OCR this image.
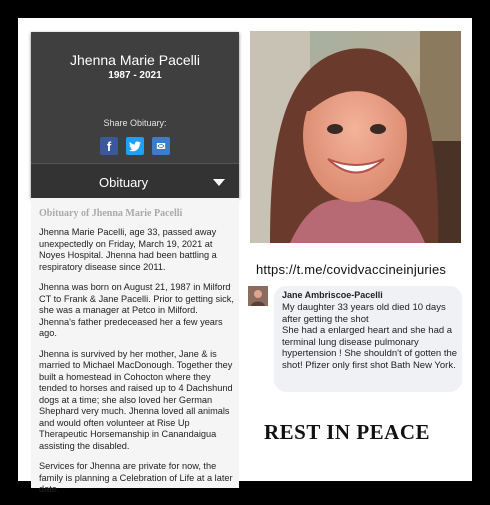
Jhenna Marie Pacelli
1987 - 2021
Share Obituary:
f	✉
Obituary
Obituary of Jhenna Marie Pacelli

Jhenna Marie Pacelli, age 33, passed away unexpectedly on Friday, March 19, 2021 at Noyes Hospital. Jhenna had been battling a respiratory disease since 2011.

Jhenna was born on August 21, 1987 in Milford CT to Frank & Jane Pacelli. Prior to getting sick, she was a manager at Petco in Milford. Jhenna's father predeceased her a few years ago.

Jhenna is survived by her mother, Jane & is married to Michael MacDonough. Together they built a homestead in Cohocton where they tended to horses and raised up to 4 Dachshund dogs at a time; she also loved her German Shephard very much. Jhenna loved all animals and would often volunteer at Rise Up Therapeutic Horsemanship in Canandaigua assisting the disabled.

Services for Jhenna are private for now, the family is planning a Celebration of Life at a later date.

https://t.me/covidvaccineinjuries
Jane Ambriscoe-Pacelli
My daughter 33 years old died 10 days after getting the shot
She had a enlarged heart and she had a terminal lung disease pulmonary hypertension ! She shouldn't of gotten the shot! Pfizer only first shot Bath New York.
REST IN PEACE
